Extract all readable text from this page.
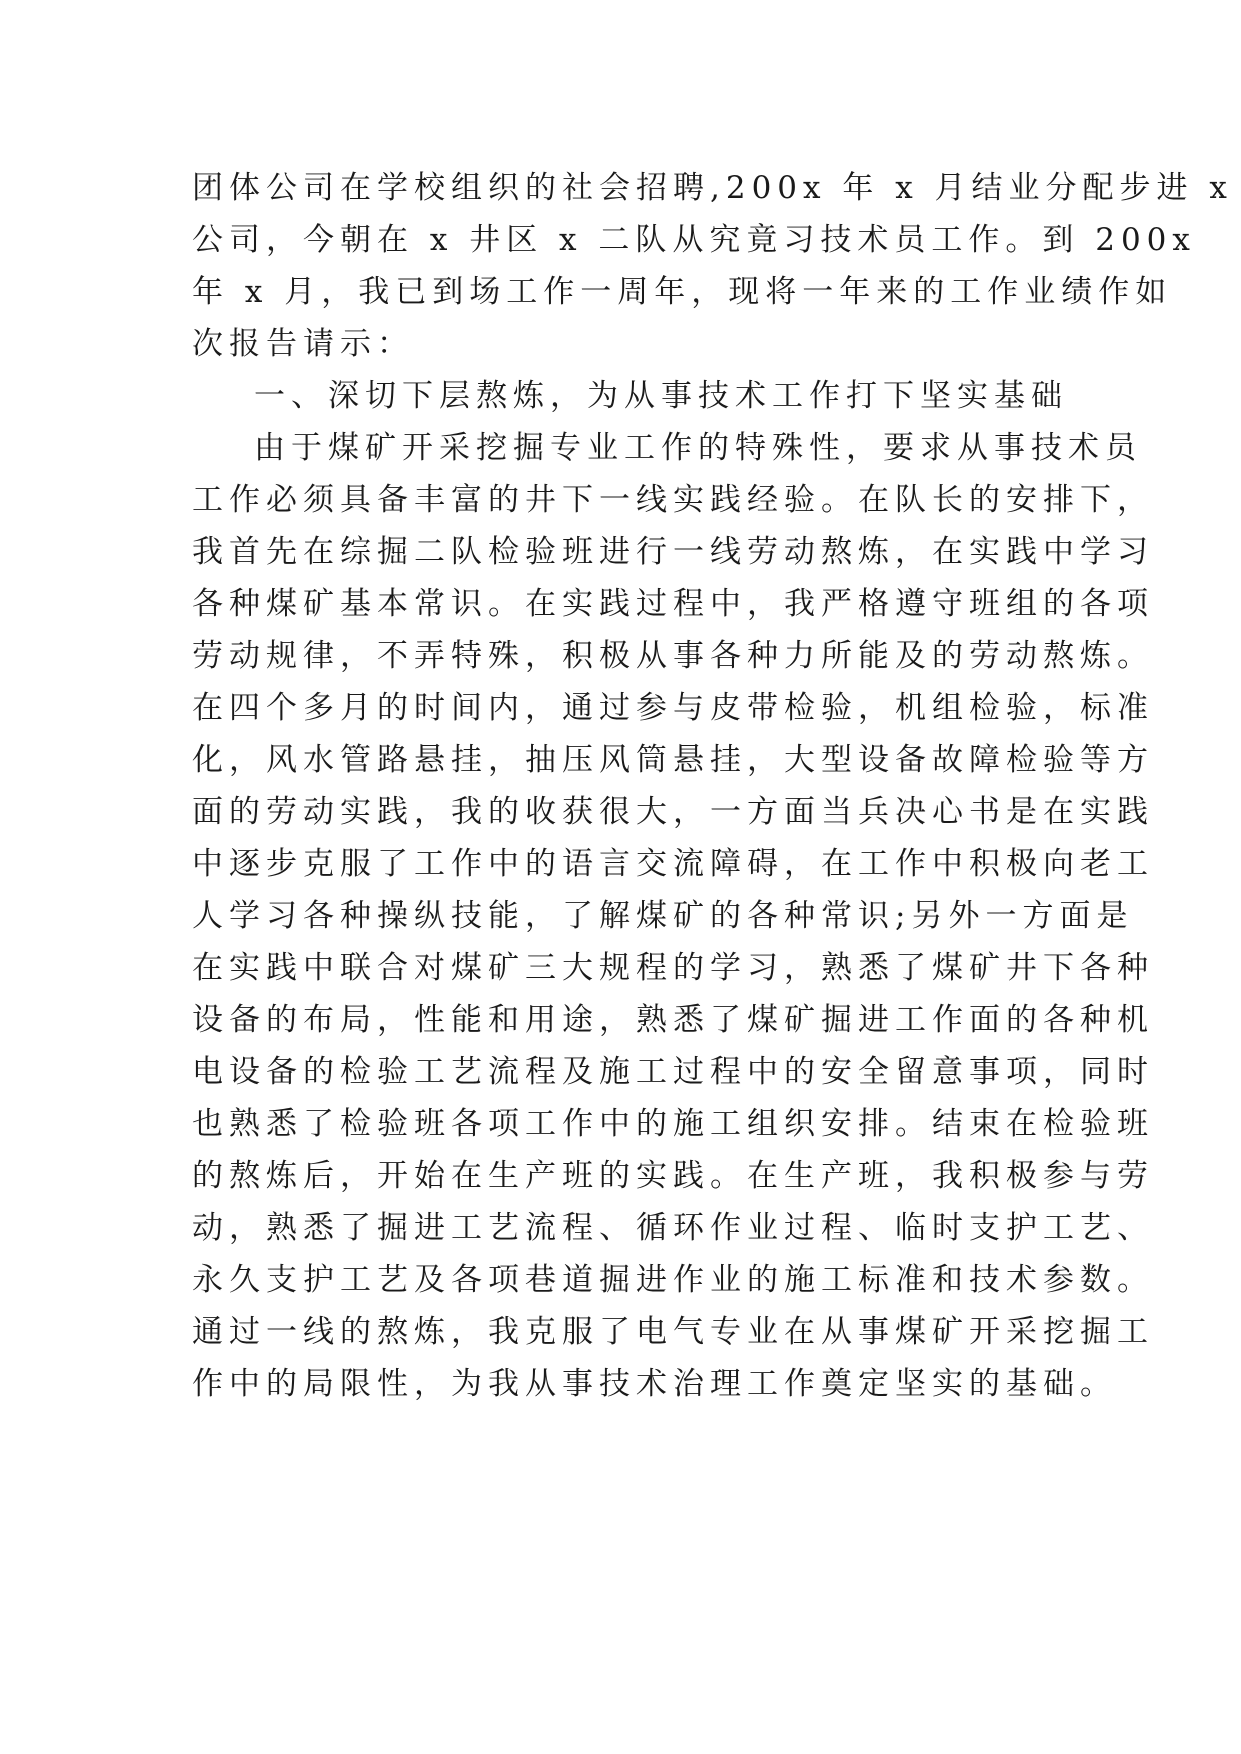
团体公司在学校组织的社会招聘,200x 年 x 月结业分配步进 x
公司，今朝在 x 井区 x 二队从究竟习技术员工作。到 200x
年 x 月，我已到场工作一周年，现将一年来的工作业绩作如
次报告请示：
一、深切下层熬炼，为从事技术工作打下坚实基础
由于煤矿开采挖掘专业工作的特殊性，要求从事技术员
工作必须具备丰富的井下一线实践经验。在队长的安排下，
我首先在综掘二队检验班进行一线劳动熬炼，在实践中学习
各种煤矿基本常识。在实践过程中，我严格遵守班组的各项
劳动规律，不弄特殊，积极从事各种力所能及的劳动熬炼。
在四个多月的时间内，通过参与皮带检验，机组检验，标准
化，风水管路悬挂，抽压风筒悬挂，大型设备故障检验等方
面的劳动实践，我的收获很大，一方面当兵决心书是在实践
中逐步克服了工作中的语言交流障碍，在工作中积极向老工
人学习各种操纵技能，了解煤矿的各种常识;另外一方面是
在实践中联合对煤矿三大规程的学习，熟悉了煤矿井下各种
设备的布局，性能和用途，熟悉了煤矿掘进工作面的各种机
电设备的检验工艺流程及施工过程中的安全留意事项，同时
也熟悉了检验班各项工作中的施工组织安排。结束在检验班
的熬炼后，开始在生产班的实践。在生产班，我积极参与劳
动，熟悉了掘进工艺流程、循环作业过程、临时支护工艺、
永久支护工艺及各项巷道掘进作业的施工标准和技术参数。
通过一线的熬炼，我克服了电气专业在从事煤矿开采挖掘工
作中的局限性，为我从事技术治理工作奠定坚实的基础。
